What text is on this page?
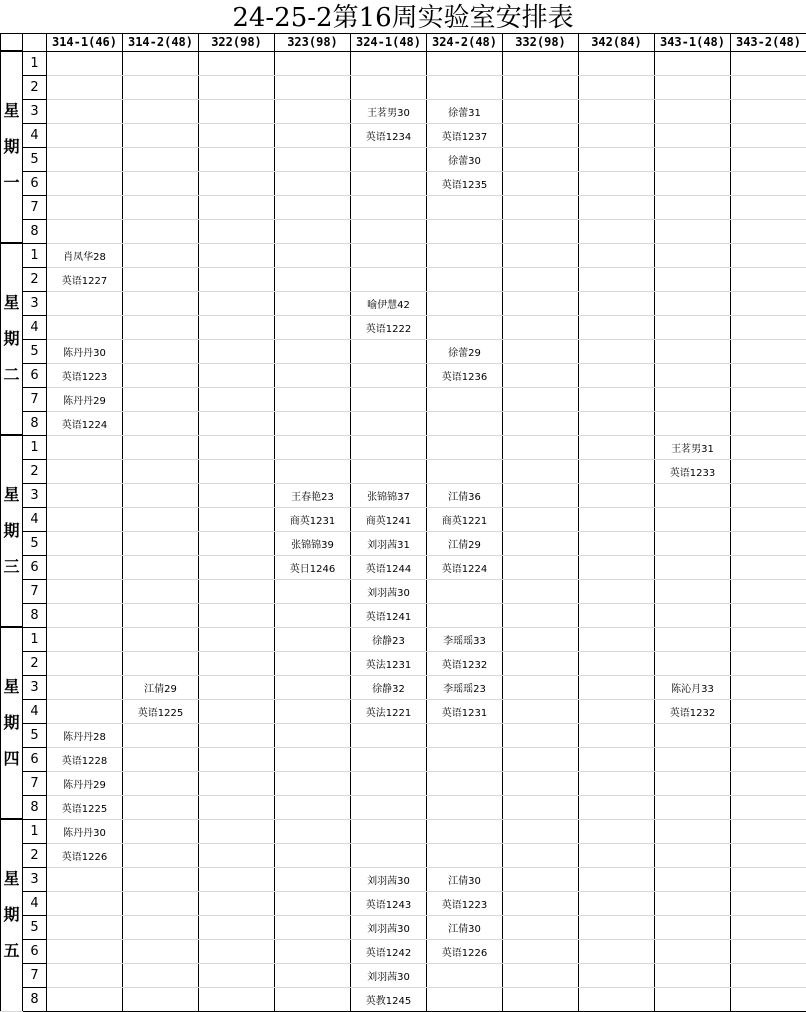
24-25-2第16周实验室安排表
		314-1(46)	314-2(48)	322(98)	323(98)	324-1(48)	324-2(48)	332(98)	342(84)	343-1(48)	343-2(48)

星
期
一	1										
	2										
	3					王茗男30	徐蕾31				
	4					英语1234	英语1237				
	5						徐蕾30				
	6						英语1235				
	7										
	8										

星
期
二	1	肖凤华28									
	2	英语1227									
	3					喻伊慧42					
	4					英语1222					
	5	陈丹丹30					徐蕾29				
	6	英语1223					英语1236				
	7	陈丹丹29									
	8	英语1224									

星
期
三	1									王茗男31	
	2									英语1233	
	3				王春艳23	张锦锦37	江倩36				
	4				商英1231	商英1241	商英1221				
	5				张锦锦39	刘羽茜31	江倩29				
	6				英日1246	英语1244	英语1224				
	7					刘羽茜30					
	8					英语1241					

星
期
四	1					徐静23	李瑶瑶33				
	2					英法1231	英语1232				
	3		江倩29			徐静32	李瑶瑶23			陈沁月33	
	4		英语1225			英法1221	英语1231			英语1232	
	5	陈丹丹28									
	6	英语1228									
	7	陈丹丹29									
	8	英语1225									

星
期
五	1	陈丹丹30									
	2	英语1226									
	3					刘羽茜30	江倩30				
	4					英语1243	英语1223				
	5					刘羽茜30	江倩30				
	6					英语1242	英语1226				
	7					刘羽茜30					
	8					英教1245					
